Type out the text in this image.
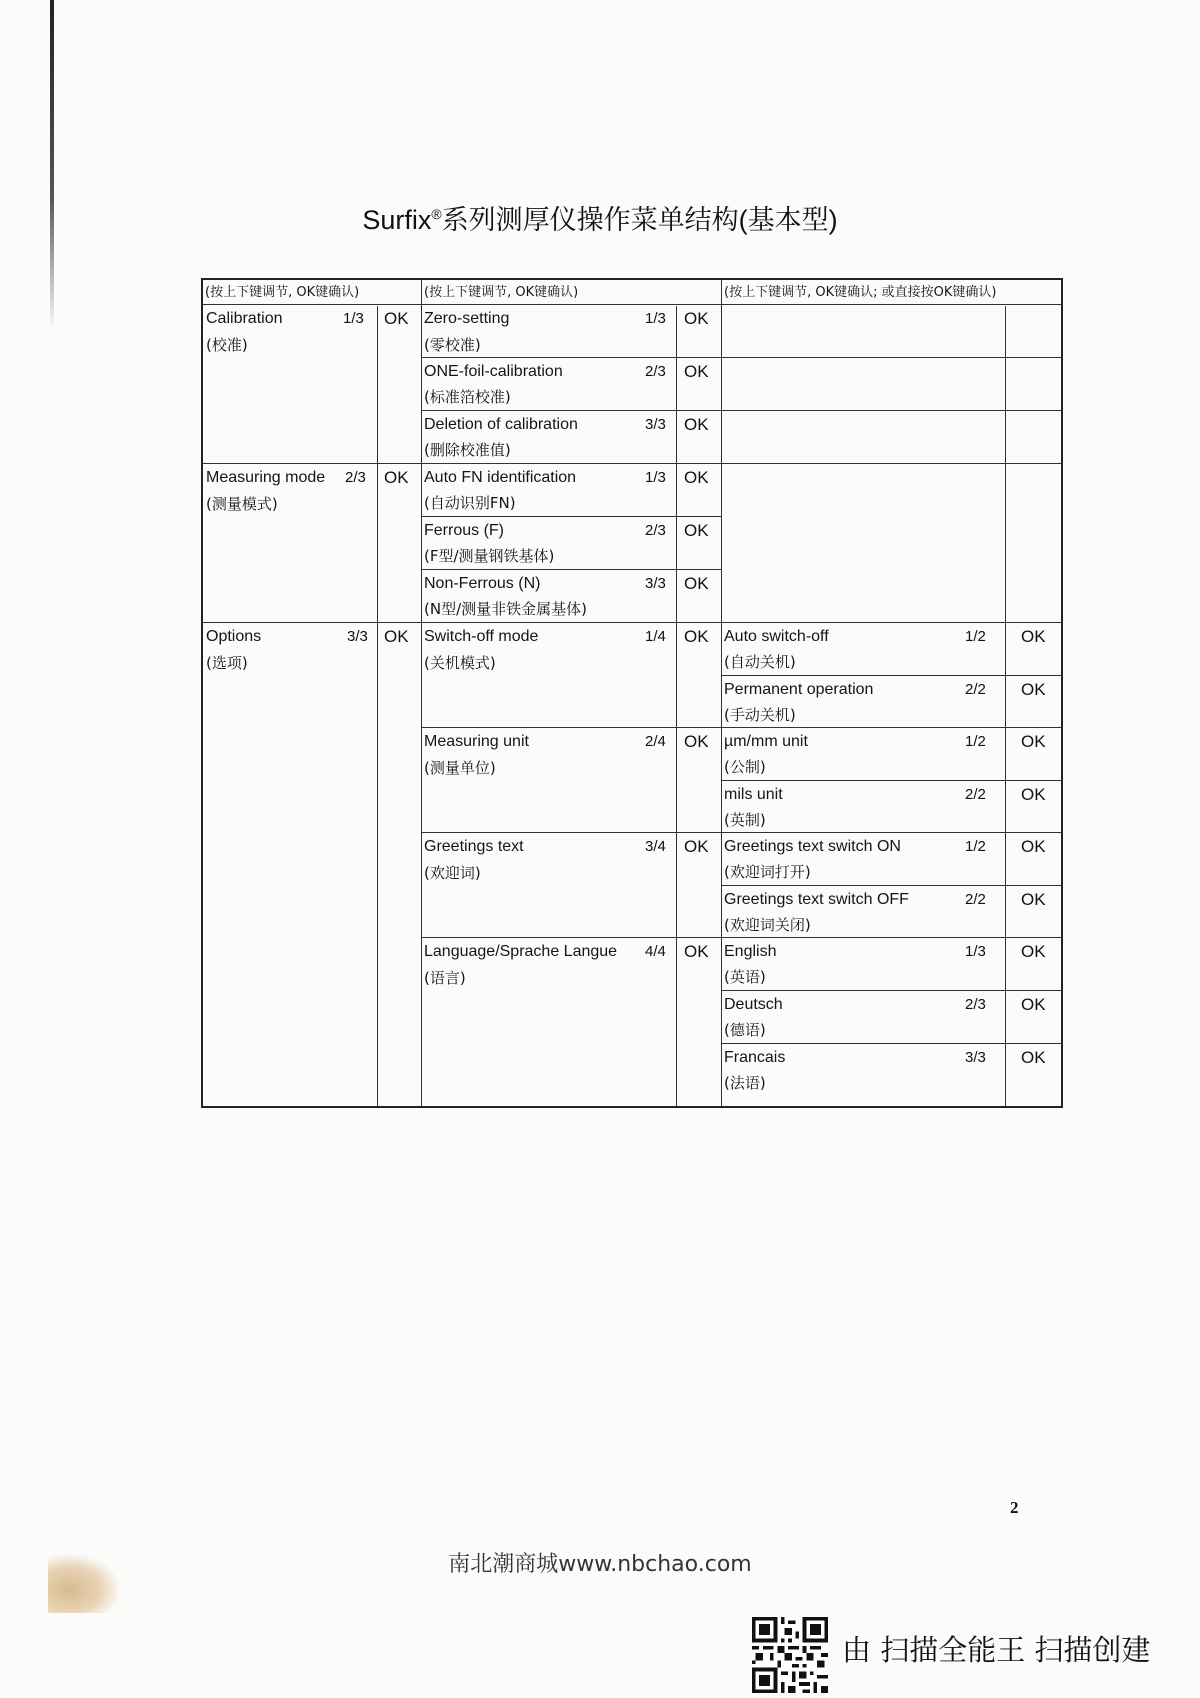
Surfix®系列测厚仪操作菜单结构(基本型)
(按上下键调节, OK键确认)	(按上下键调节, OK键确认)	(按上下键调节, OK键确认; 或直接按OK键确认)
Calibration
(校准)
1/3 OK
Measuring mode
(测量模式)
2/3 OK
Options
(选项)
3/3 OK
Zero-setting
(零校准)
1/3 OK
ONE-foil-calibration
(标准箔校准)
2/3 OK
Deletion of calibration
(删除校准值)
3/3 OK
Auto FN identification
(自动识别FN)
1/3 OK
Ferrous (F)
(F型/测量钢铁基体)
2/3 OK
Non-Ferrous (N)
(N型/测量非铁金属基体)
3/3 OK
Switch-off mode
(关机模式)
1/4 OK
Measuring unit
(测量单位)
2/4 OK
Greetings text
(欢迎词)
3/4 OK
Language/Sprache Langue
(语言)
4/4 OK
Auto switch-off
(自动关机)
1/2 OK
Permanent operation
(手动关机)
2/2 OK
µm/mm unit
(公制)
1/2 OK
mils unit
(英制)
2/2 OK
Greetings text switch ON
(欢迎词打开)
1/2 OK
Greetings text switch OFF
(欢迎词关闭)
2/2 OK
English
(英语)
1/3 OK
Deutsch
(德语)
2/3 OK
Francais
(法语)
3/3 OK
2
南北潮商城www.nbchao.com
由 扫描全能王 扫描创建
